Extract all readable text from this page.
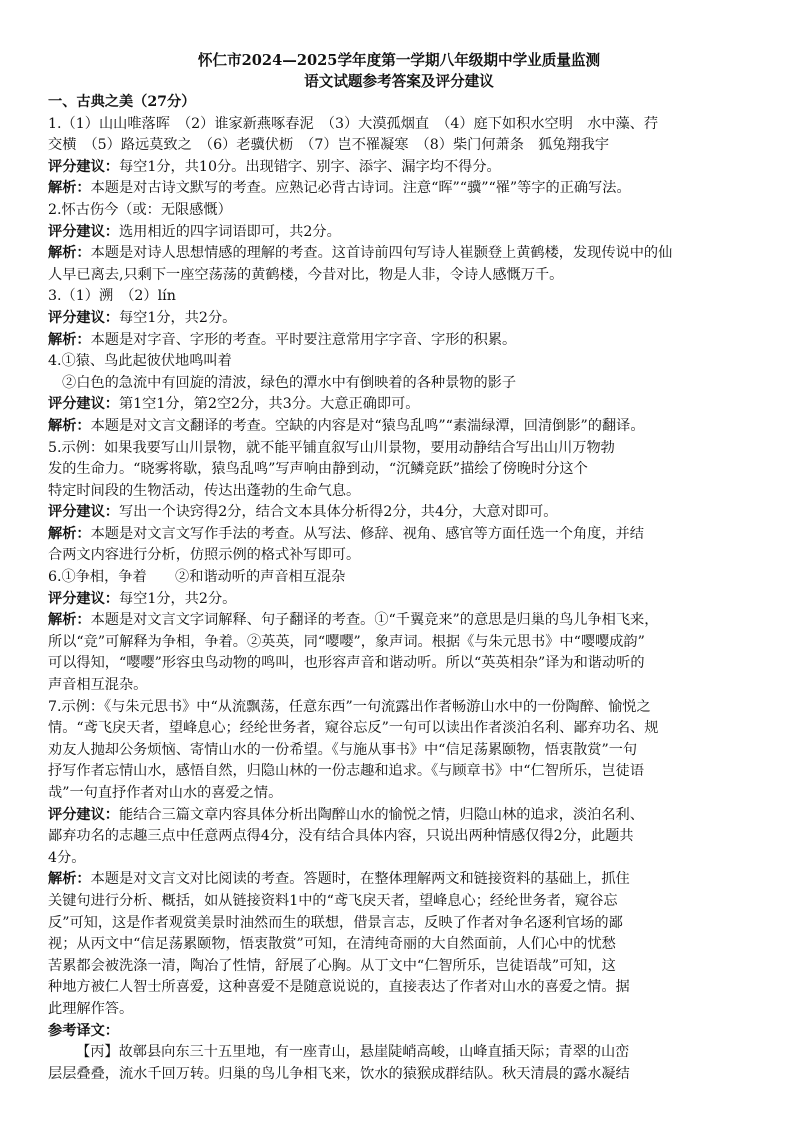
怀仁市2024—2025学年度第一学期八年级期中学业质量监测
语文试题参考答案及评分建议
一、古典之美（27分）
1.（1）山山唯落晖　（2）谁家新燕啄春泥　（3）大漠孤烟直　（4）庭下如积水空明　水中藻、荇
交横　（5）路远莫致之　（6）老骥伏枥　（7）岂不罹凝寒　（8）柴门何萧条　狐兔翔我宇
评分建议：每空1分，共10分。出现错字、别字、添字、漏字均不得分。
解析：本题是对古诗文默写的考查。应熟记必背古诗词。注意“晖”“骥”“罹”等字的正确写法。
2.怀古伤今（或：无限感慨）
评分建议：选用相近的四字词语即可，共2分。
解析：本题是对诗人思想情感的理解的考查。这首诗前四句写诗人崔颢登上黄鹤楼，发现传说中的仙
人早已离去,只剩下一座空荡荡的黄鹤楼，今昔对比，物是人非，令诗人感慨万千。
3.（1）溯　（2）lín
评分建议：每空1分，共2分。
解析：本题是对字音、字形的考查。平时要注意常用字字音、字形的积累。
4.①猿、鸟此起彼伏地鸣叫着
②白色的急流中有回旋的清波，绿色的潭水中有倒映着的各种景物的影子
评分建议：第1空1分，第2空2分，共3分。大意正确即可。
解析：本题是对文言文翻译的考查。空缺的内容是对“猿鸟乱鸣”“素湍绿潭，回清倒影”的翻译。
5.示例：如果我要写山川景物，就不能平铺直叙写山川景物，要用动静结合写出山川万物勃
发的生命力。“晓雾将歇，猿鸟乱鸣”写声响由静到动，“沉鳞竞跃”描绘了傍晚时分这个
特定时间段的生物活动，传达出蓬勃的生命气息。
评分建议：写出一个诀窍得2分，结合文本具体分析得2分，共4分，大意对即可。
解析：本题是对文言文写作手法的考查。从写法、修辞、视角、感官等方面任选一个角度，并结
合两文内容进行分析，仿照示例的格式补写即可。
6.①争相，争着　　②和谐动听的声音相互混杂
评分建议：每空1分，共2分。
解析：本题是对文言文字词解释、句子翻译的考查。①“千翼竞来”的意思是归巢的鸟儿争相飞来，
所以“竞”可解释为争相，争着。②英英，同“嘤嘤”，象声词。根据《与朱元思书》中“嘤嘤成韵”
可以得知，“嘤嘤”形容虫鸟动物的鸣叫，也形容声音和谐动听。所以“英英相杂”译为和谐动听的
声音相互混杂。
7.示例：《与朱元思书》中“从流飘荡，任意东西”一句流露出作者畅游山水中的一份陶醉、愉悦之
情。“鸢飞戾天者，望峰息心；经纶世务者，窥谷忘反”一句可以读出作者淡泊名利、鄙弃功名、规
劝友人抛却公务烦恼、寄情山水的一份希望。《与施从事书》中“信足荡累颐物，悟衷散赏”一句
抒写作者忘情山水，感悟自然，归隐山林的一份志趣和追求。《与顾章书》中“仁智所乐，岂徒语
哉”一句直抒作者对山水的喜爱之情。
评分建议：能结合三篇文章内容具体分析出陶醉山水的愉悦之情，归隐山林的追求，淡泊名利、
鄙弃功名的志趣三点中任意两点得4分，没有结合具体内容，只说出两种情感仅得2分，此题共
4分。
解析：本题是对文言文对比阅读的考查。答题时，在整体理解两文和链接资料的基础上，抓住
关键句进行分析、概括，如从链接资料1中的“鸢飞戾天者，望峰息心；经纶世务者，窥谷忘
反”可知，这是作者观赏美景时油然而生的联想，借景言志，反映了作者对争名逐利官场的鄙
视；从丙文中“信足荡累颐物，悟衷散赏”可知，在清纯奇丽的大自然面前，人们心中的忧愁
苦累都会被洗涤一清，陶冶了性情，舒展了心胸。从丁文中“仁智所乐，岂徒语哉”可知，这
种地方被仁人智士所喜爱，这种喜爱不是随意说说的，直接表达了作者对山水的喜爱之情。据
此理解作答。
参考译文：
【丙】故鄣县向东三十五里地，有一座青山，悬崖陡峭高峻，山峰直插天际；青翠的山峦
层层叠叠，流水千回万转。归巢的鸟儿争相飞来，饮水的猿猴成群结队。秋天清晨的露水凝结
